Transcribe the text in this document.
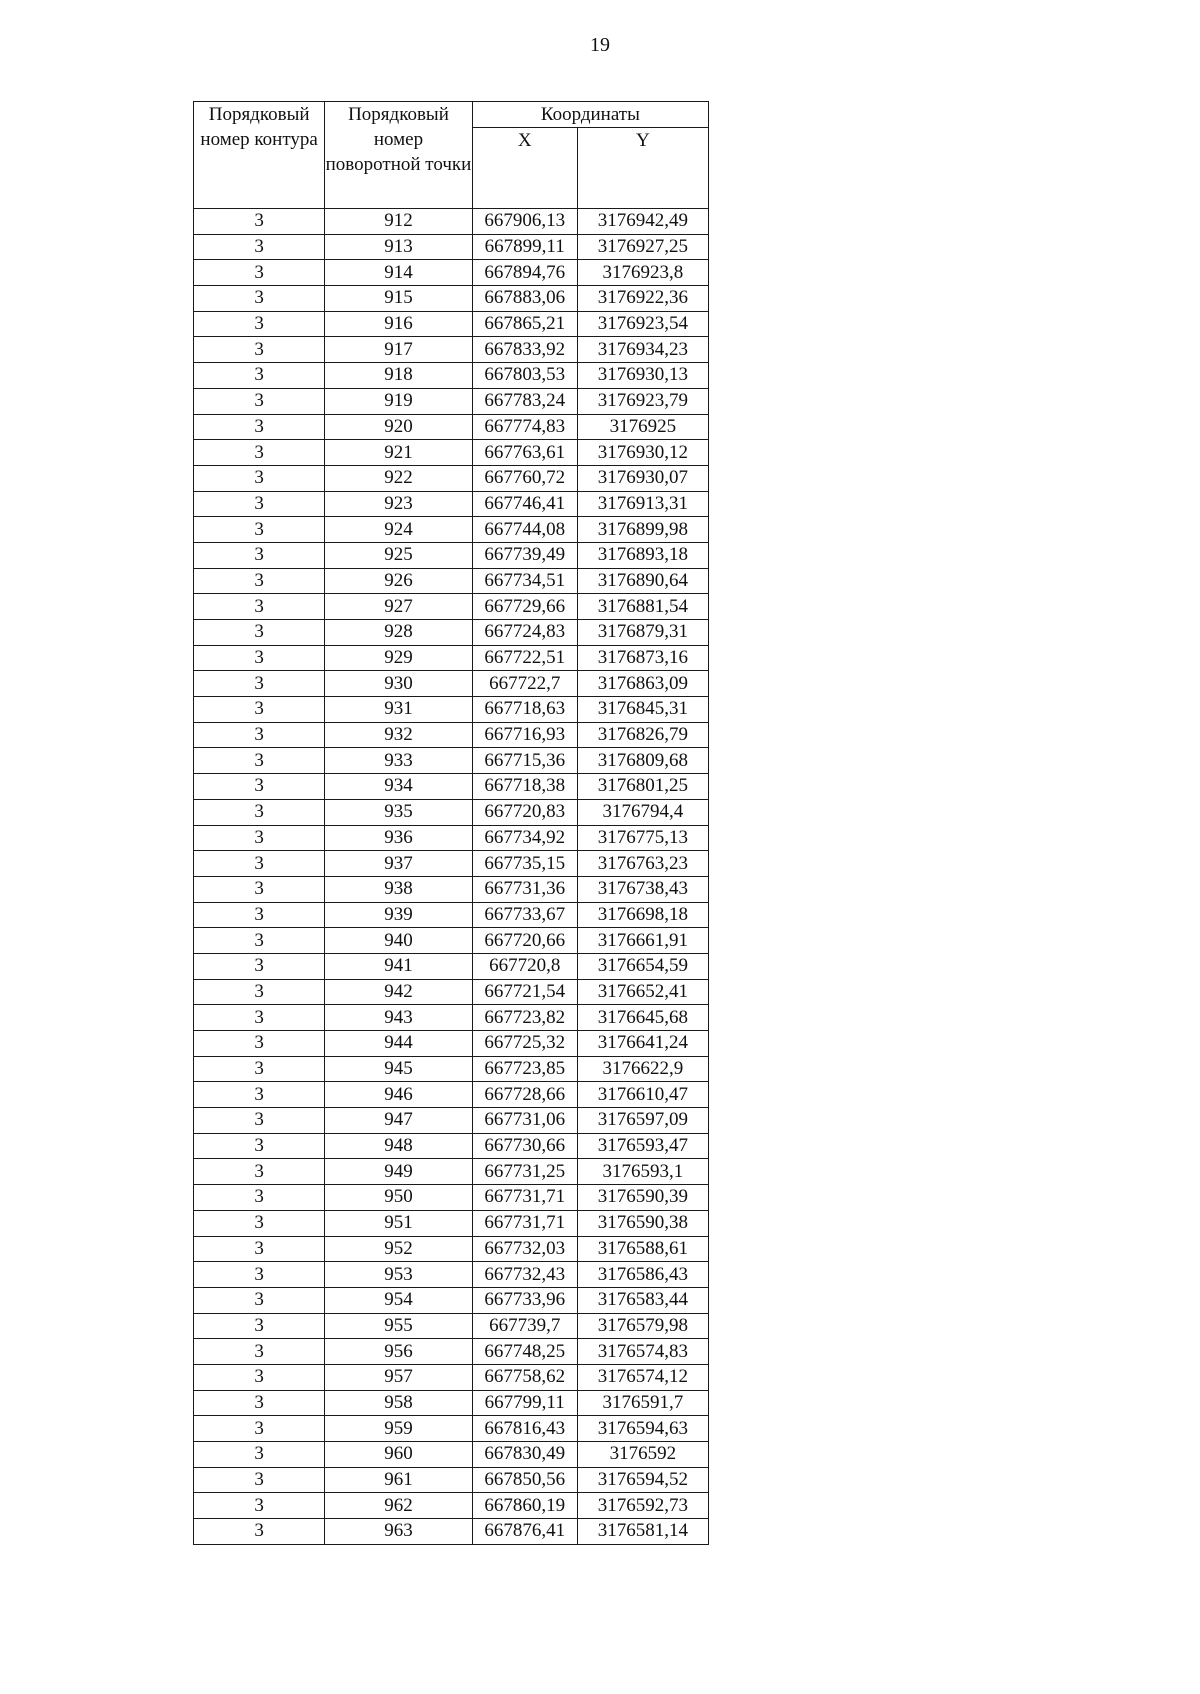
19
Порядковый номер контура	Порядковый номер поворотной точки	Координаты	
		X	Y
3	912	667906,13	3176942,49
3	913	667899,11	3176927,25
3	914	667894,76	3176923,8
3	915	667883,06	3176922,36
3	916	667865,21	3176923,54
3	917	667833,92	3176934,23
3	918	667803,53	3176930,13
3	919	667783,24	3176923,79
3	920	667774,83	3176925
3	921	667763,61	3176930,12
3	922	667760,72	3176930,07
3	923	667746,41	3176913,31
3	924	667744,08	3176899,98
3	925	667739,49	3176893,18
3	926	667734,51	3176890,64
3	927	667729,66	3176881,54
3	928	667724,83	3176879,31
3	929	667722,51	3176873,16
3	930	667722,7	3176863,09
3	931	667718,63	3176845,31
3	932	667716,93	3176826,79
3	933	667715,36	3176809,68
3	934	667718,38	3176801,25
3	935	667720,83	3176794,4
3	936	667734,92	3176775,13
3	937	667735,15	3176763,23
3	938	667731,36	3176738,43
3	939	667733,67	3176698,18
3	940	667720,66	3176661,91
3	941	667720,8	3176654,59
3	942	667721,54	3176652,41
3	943	667723,82	3176645,68
3	944	667725,32	3176641,24
3	945	667723,85	3176622,9
3	946	667728,66	3176610,47
3	947	667731,06	3176597,09
3	948	667730,66	3176593,47
3	949	667731,25	3176593,1
3	950	667731,71	3176590,39
3	951	667731,71	3176590,38
3	952	667732,03	3176588,61
3	953	667732,43	3176586,43
3	954	667733,96	3176583,44
3	955	667739,7	3176579,98
3	956	667748,25	3176574,83
3	957	667758,62	3176574,12
3	958	667799,11	3176591,7
3	959	667816,43	3176594,63
3	960	667830,49	3176592
3	961	667850,56	3176594,52
3	962	667860,19	3176592,73
3	963	667876,41	3176581,14
